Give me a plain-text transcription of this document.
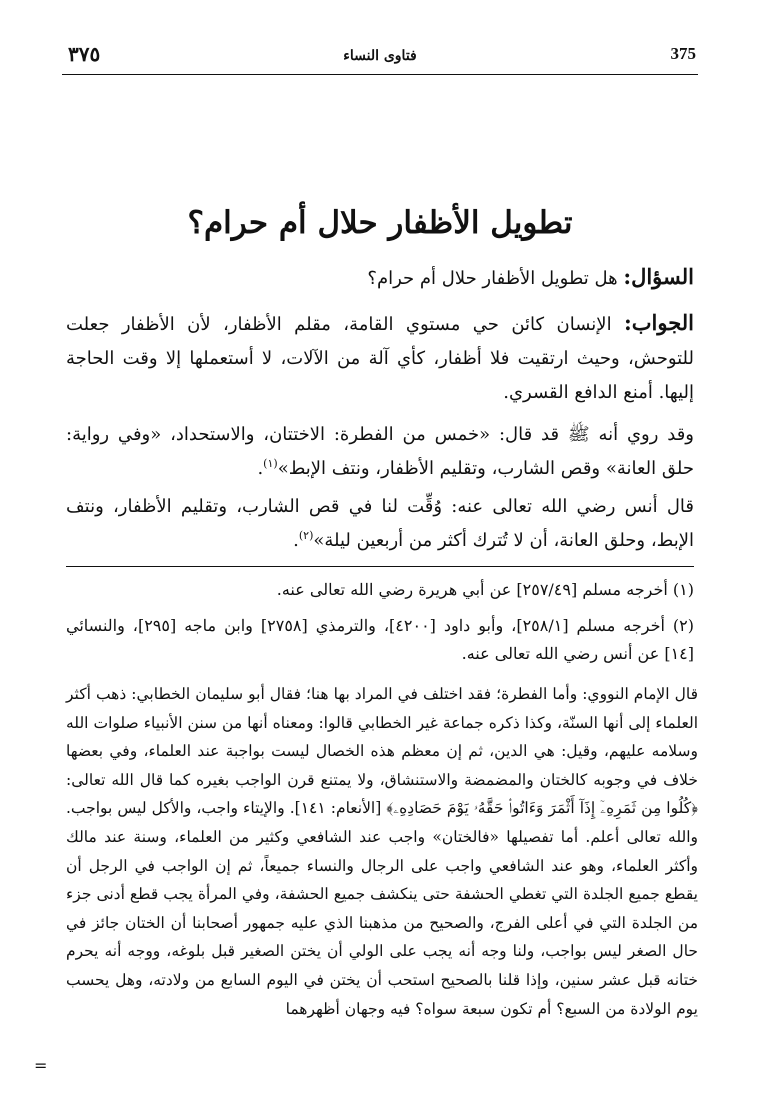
٣٧٥	فتاوى النساء	375
تطويل الأظفار حلال أم حرام؟

السؤال: هل تطويل الأظفار حلال أم حرام؟

الجواب: الإنسان كائن حي مستوي القامة، مقلم الأظفار، لأن الأظفار جعلت للتوحش، وحيث ارتقيت فلا أظفار، كأي آلة من الآلات، لا أستعملها إلا وقت الحاجة إليها. أمنع الدافع القسري.

وقد روي أنه ﷺ قد قال: «خمس من الفطرة: الاختتان، والاستحداد، «وفي رواية: حلق العانة» وقص الشارب، وتقليم الأظفار، ونتف الإبط»$^{(١)}$.

قال أنس رضي الله تعالى عنه: وُقِّت لنا في قص الشارب، وتقليم الأظفار، ونتف الإبط، وحلق العانة، أن لا تُترك أكثر من أربعين ليلة»$^{(٢)}$.

(١) أخرجه مسلم [٢٥٧/٤٩] عن أبي هريرة رضي الله تعالى عنه.

(٢) أخرجه مسلم [٢٥٨/١]، وأبو داود [٤٢٠٠]، والترمذي [٢٧٥٨] وابن ماجه [٢٩٥]، والنسائي [١٤] عن أنس رضي الله تعالى عنه.

قال الإمام النووي: وأما الفطرة؛ فقد اختلف في المراد بها هنا؛ فقال أبو سليمان الخطابي: ذهب أكثر العلماء إلى أنها السنّة، وكذا ذكره جماعة غير الخطابي قالوا: ومعناه أنها من سنن الأنبياء صلوات الله وسلامه عليهم، وقيل: هي الدين، ثم إن معظم هذه الخصال ليست بواجبة عند العلماء، وفي بعضها خلاف في وجوبه كالختان والمضمضة والاستنشاق، ولا يمتنع قرن الواجب بغيره كما قال الله تعالى: ﴿كُلُوا مِن ثَمَرِهِۦٓ إِذَآ أَثْمَرَ وَءَاتُوا۟ حَقَّهُۥ يَوْمَ حَصَادِهِۦ﴾ [الأنعام: ١٤١]. والإيتاء واجب، والأكل ليس بواجب. والله تعالى أعلم. أما تفصيلها «فالختان» واجب عند الشافعي وكثير من العلماء، وسنة عند مالك وأكثر العلماء، وهو عند الشافعي واجب على الرجال والنساء جميعاً، ثم إن الواجب في الرجل أن يقطع جميع الجلدة التي تغطي الحشفة حتى ينكشف جميع الحشفة، وفي المرأة يجب قطع أدنى جزء من الجلدة التي في أعلى الفرج، والصحيح من مذهبنا الذي عليه جمهور أصحابنا أن الختان جائز في حال الصغر ليس بواجب، ولنا وجه أنه يجب على الولي أن يختن الصغير قبل بلوغه، ووجه أنه يحرم ختانه قبل عشر سنين، وإذا قلنا بالصحيح استحب أن يختن في اليوم السابع من ولادته، وهل يحسب يوم الولادة من السبع؟ أم تكون سبعة سواه؟ فيه وجهان أظهرهما

=
